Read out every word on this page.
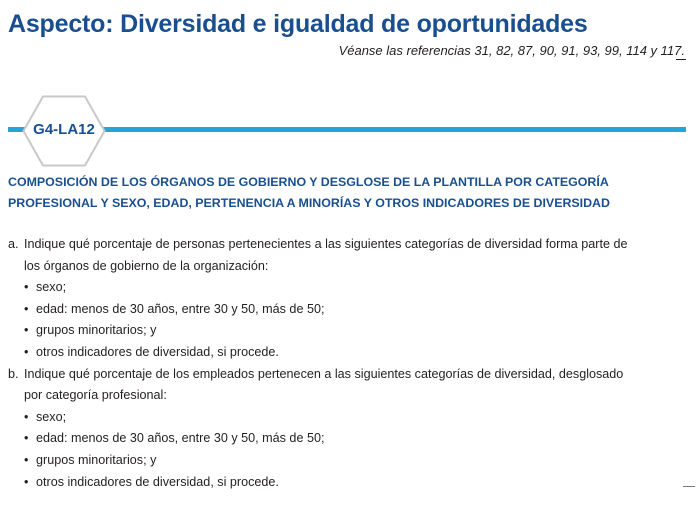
Aspecto: Diversidad e igualdad de oportunidades
Véanse las referencias 31, 82, 87, 90, 91, 93, 99, 114 y 117.
G4-LA12
COMPOSICIÓN DE LOS ÓRGANOS DE GOBIERNO Y DESGLOSE DE LA PLANTILLA POR CATEGORÍA
PROFESIONAL Y SEXO, EDAD, PERTENENCIA A MINORÍAS Y OTROS INDICADORES DE DIVERSIDAD
a. Indique qué porcentaje de personas pertenecientes a las siguientes categorías de diversidad forma parte de
los órganos de gobierno de la organización:
• sexo;
• edad: menos de 30 años, entre 30 y 50, más de 50;
• grupos minoritarios; y
• otros indicadores de diversidad, si procede.
b. Indique qué porcentaje de los empleados pertenecen a las siguientes categorías de diversidad, desglosado
por categoría profesional:
• sexo;
• edad: menos de 30 años, entre 30 y 50, más de 50;
• grupos minoritarios; y
• otros indicadores de diversidad, si procede.
